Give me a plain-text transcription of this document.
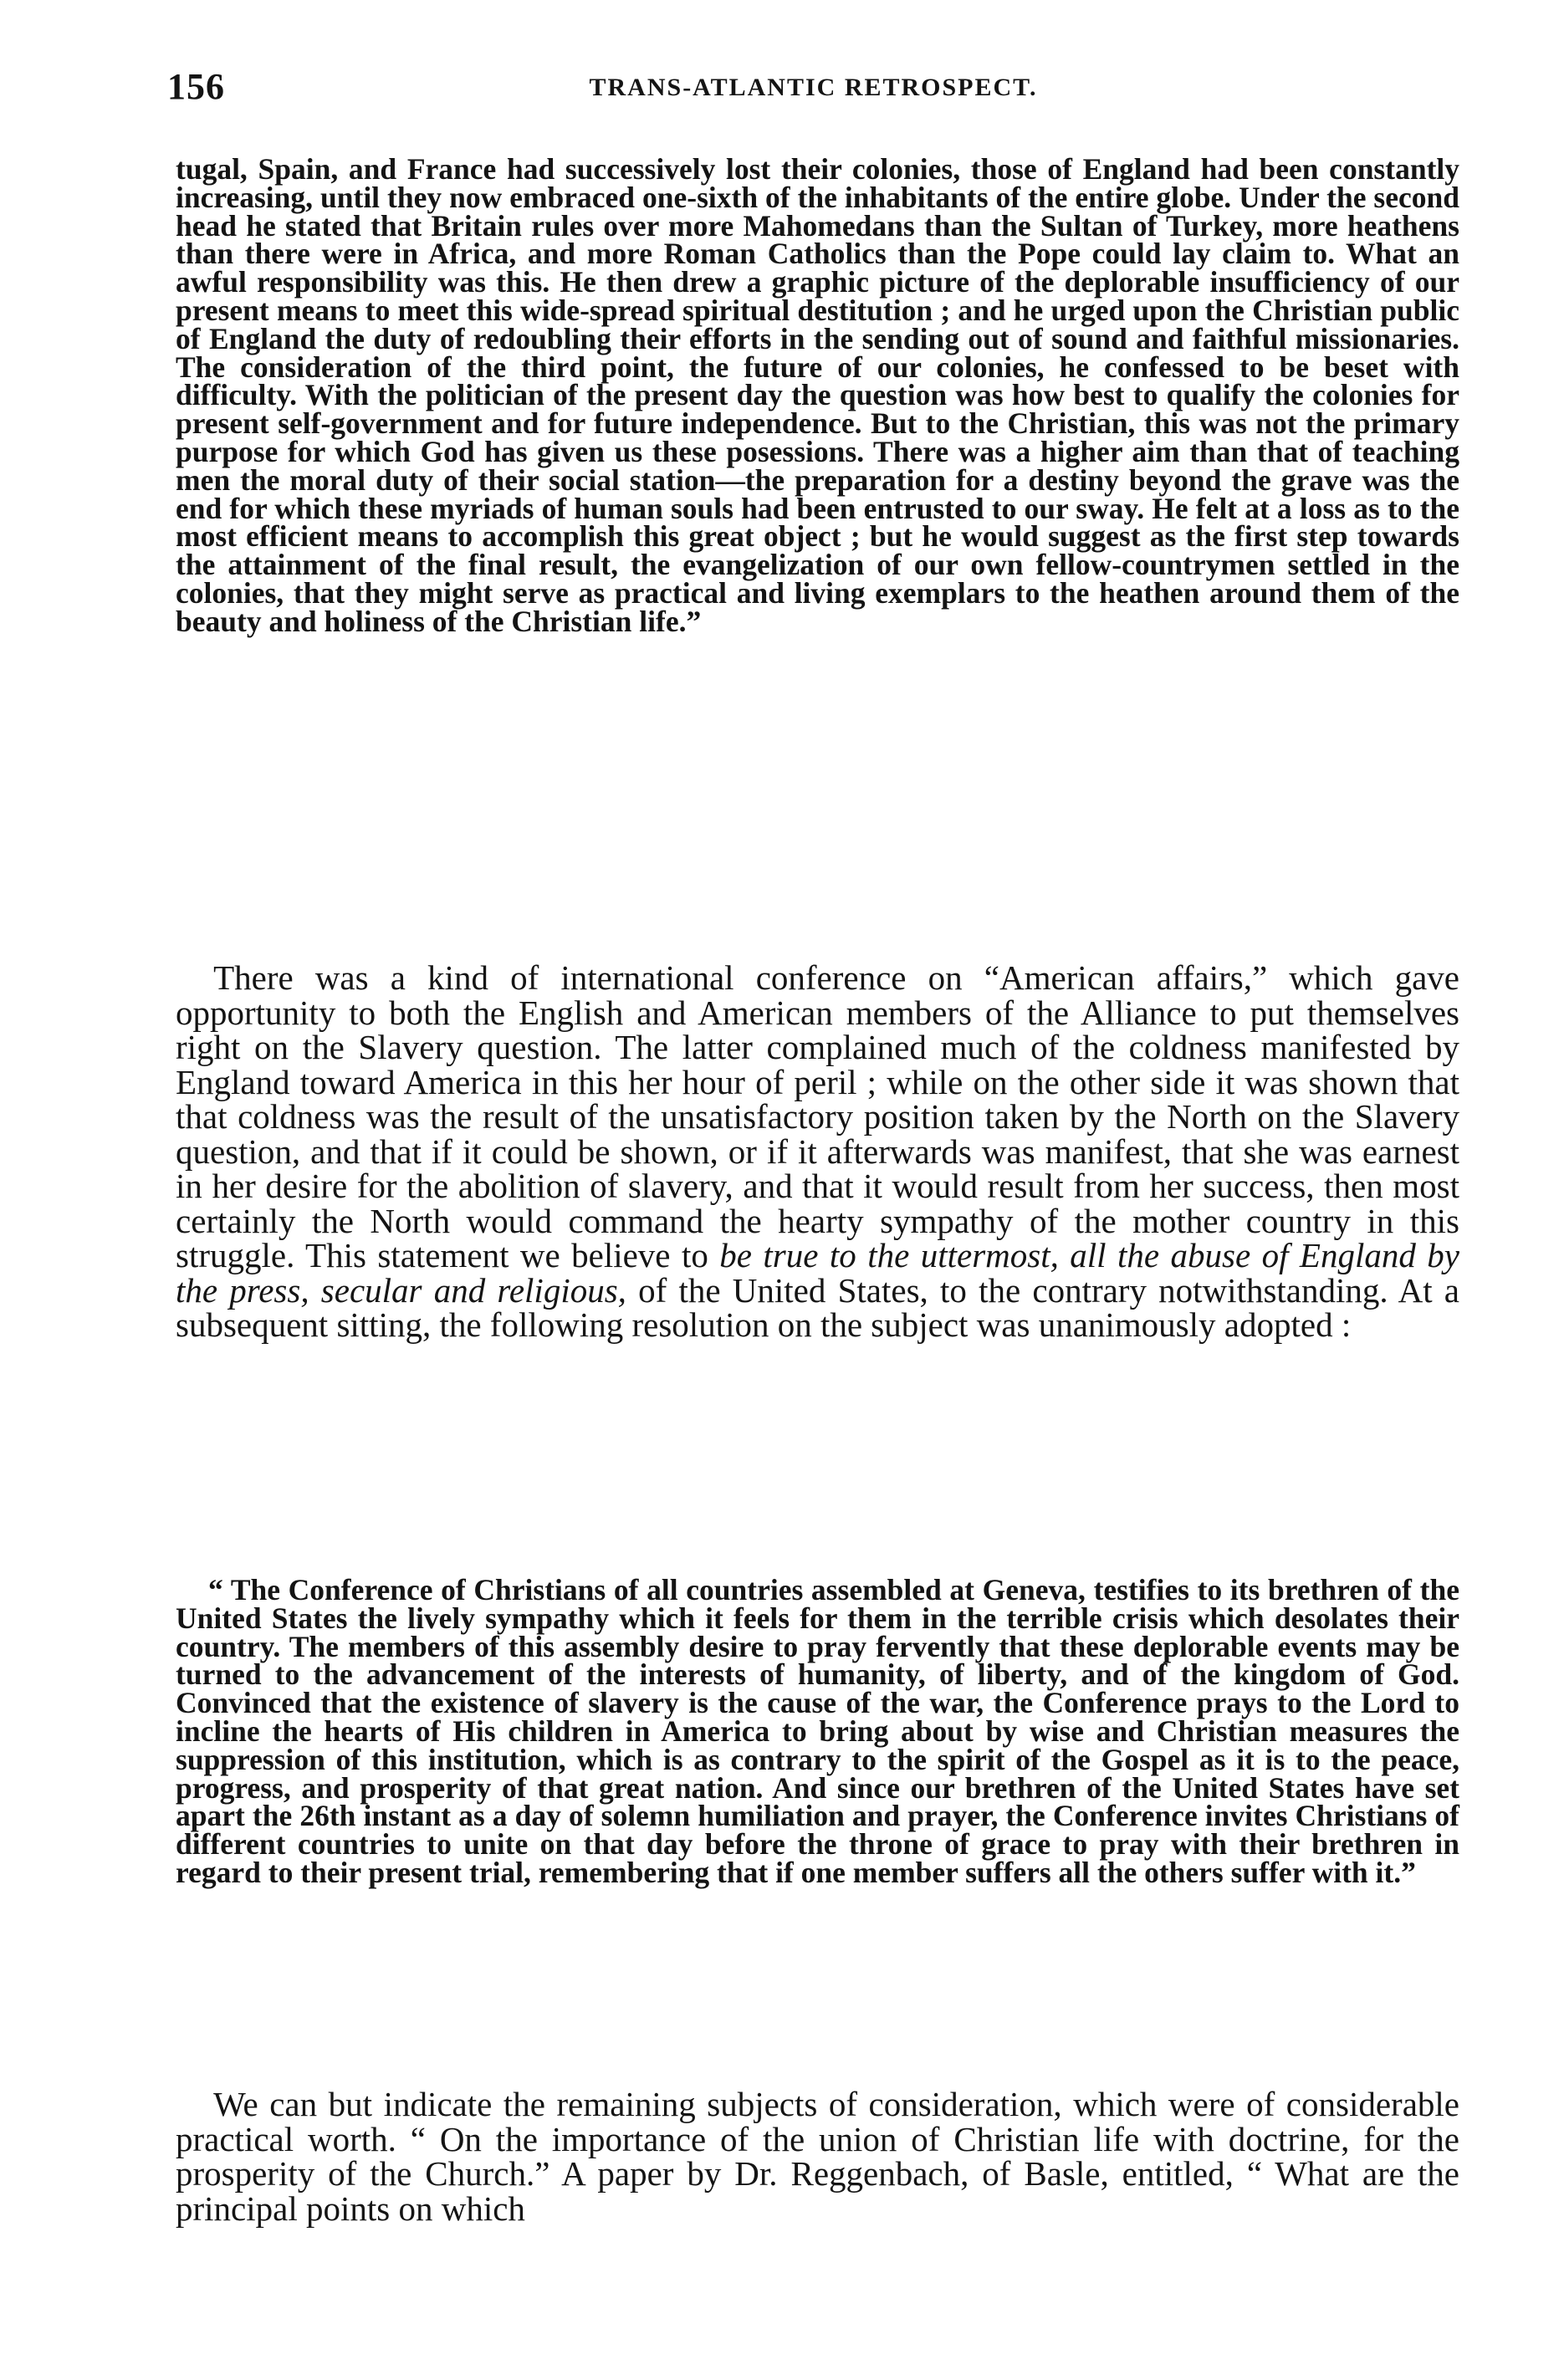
156	TRANS-ATLANTIC RETROSPECT.

tugal, Spain, and France had successively lost their colonies, those of England had been constantly increasing, until they now embraced one-sixth of the inhabitants of the entire globe. Under the second head he stated that Britain rules over more Mahomedans than the Sultan of Turkey, more heathens than there were in Africa, and more Roman Catholics than the Pope could lay claim to. What an awful responsibility was this. He then drew a graphic picture of the deplorable insufficiency of our present means to meet this wide-spread spiritual destitution ; and he urged upon the Christian public of England the duty of redoubling their efforts in the sending out of sound and faithful missionaries. The consideration of the third point, the future of our colonies, he confessed to be beset with difficulty. With the politician of the present day the question was how best to qualify the colonies for present self-government and for future independence. But to the Christian, this was not the primary purpose for which God has given us these posessions. There was a higher aim than that of teaching men the moral duty of their social station—the preparation for a destiny beyond the grave was the end for which these myriads of human souls had been entrusted to our sway. He felt at a loss as to the most efficient means to accomplish this great object ; but he would suggest as the first step towards the attainment of the final result, the evangelization of our own fellow-countrymen settled in the colonies, that they might serve as practical and living exemplars to the heathen around them of the beauty and holiness of the Christian life.”

There was a kind of international conference on “American affairs,” which gave opportunity to both the English and American members of the Alliance to put themselves right on the Slavery question. The latter complained much of the coldness manifested by England toward America in this her hour of peril ; while on the other side it was shown that that coldness was the result of the unsatisfactory position taken by the North on the Slavery question, and that if it could be shown, or if it afterwards was manifest, that she was earnest in her desire for the abolition of slavery, and that it would result from her success, then most certainly the North would command the hearty sympathy of the mother country in this struggle. This statement we believe to be true to the uttermost, all the abuse of England by the press, secular and religious, of the United States, to the contrary notwithstanding. At a subsequent sitting, the following resolution on the subject was unanimously adopted :

“ The Conference of Christians of all countries assembled at Geneva, testifies to its brethren of the United States the lively sympathy which it feels for them in the terrible crisis which desolates their country. The members of this assembly desire to pray fervently that these deplorable events may be turned to the advancement of the interests of humanity, of liberty, and of the kingdom of God. Convinced that the existence of slavery is the cause of the war, the Conference prays to the Lord to incline the hearts of His children in America to bring about by wise and Christian measures the suppression of this institution, which is as contrary to the spirit of the Gospel as it is to the peace, progress, and prosperity of that great nation. And since our brethren of the United States have set apart the 26th instant as a day of solemn humiliation and prayer, the Conference invites Christians of different countries to unite on that day before the throne of grace to pray with their brethren in regard to their present trial, remembering that if one member suffers all the others suffer with it.”

We can but indicate the remaining subjects of consideration, which were of considerable practical worth. “ On the importance of the union of Christian life with doctrine, for the prosperity of the Church.” A paper by Dr. Reggenbach, of Basle, entitled, “ What are the principal points on which
